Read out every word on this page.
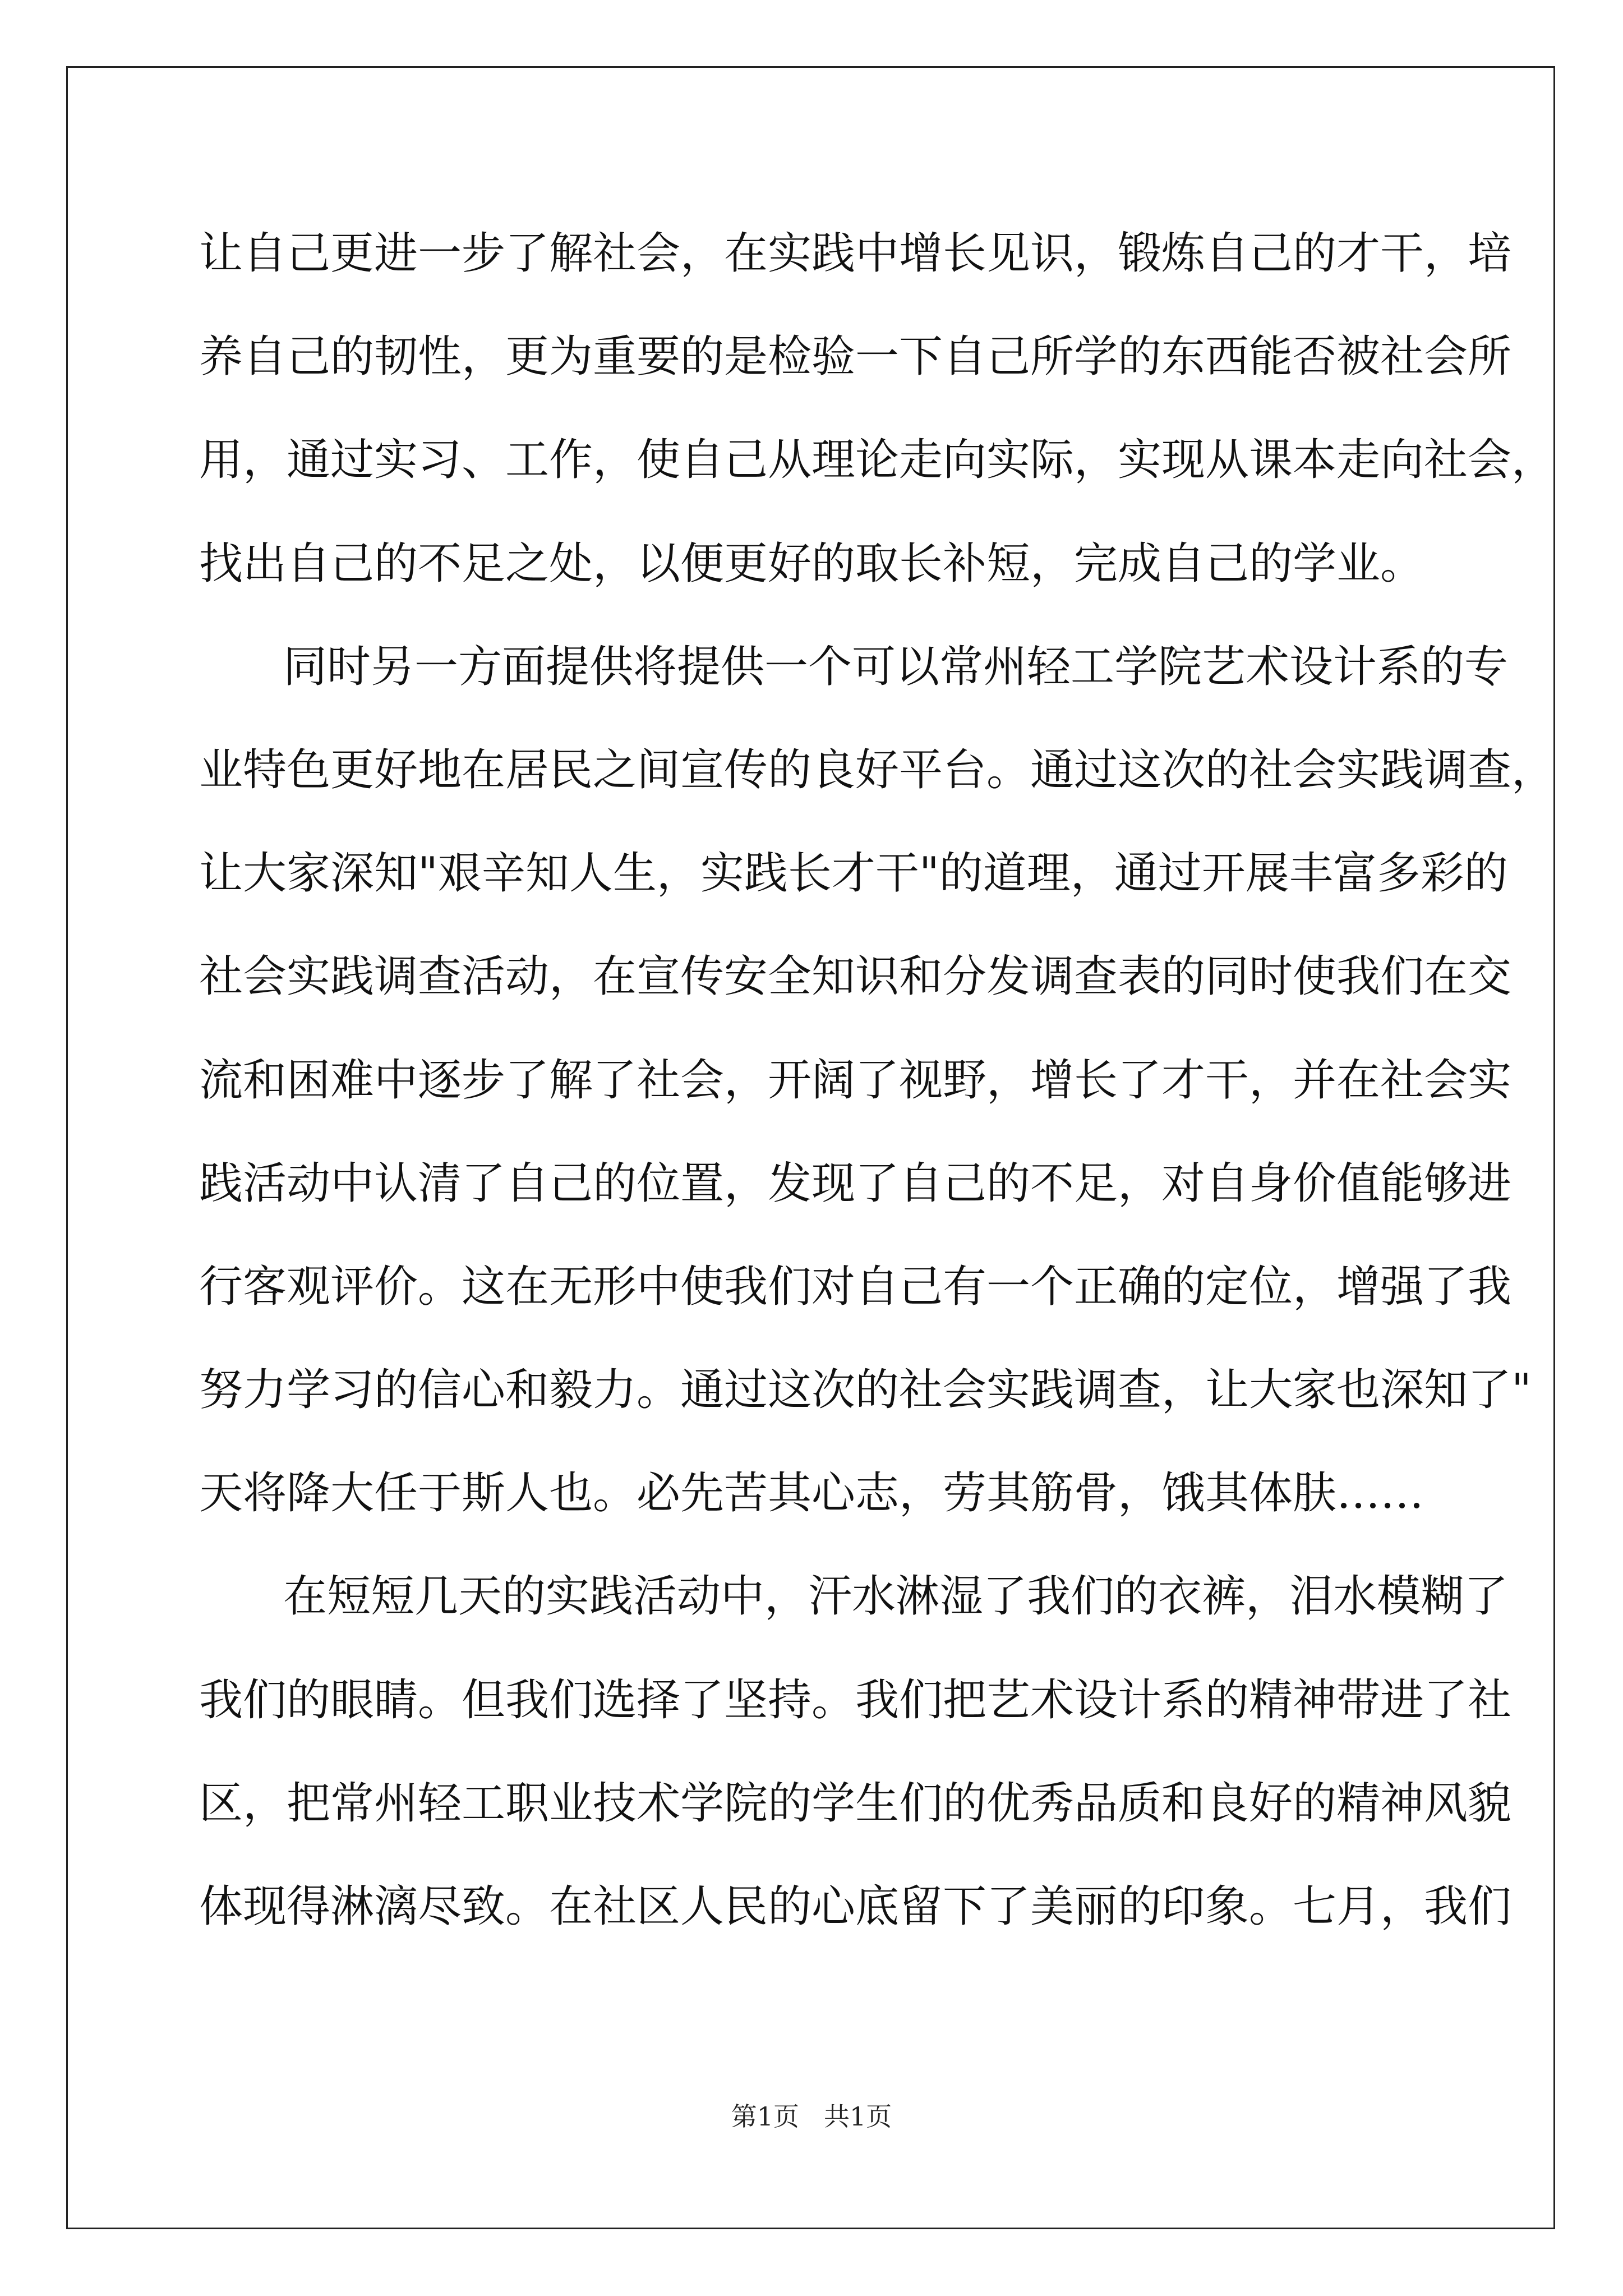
让自己更进一步了解社会，在实践中增长见识，锻炼自己的才干，培
养自己的韧性，更为重要的是检验一下自己所学的东西能否被社会所
用，通过实习、工作，使自己从理论走向实际，实现从课本走向社会，
找出自己的不足之处，以便更好的取长补短，完成自己的学业。
同时另一方面提供将提供一个可以常州轻工学院艺术设计系的专
业特色更好地在居民之间宣传的良好平台。通过这次的社会实践调查，
让大家深知"艰辛知人生，实践长才干"的道理，通过开展丰富多彩的
社会实践调查活动，在宣传安全知识和分发调查表的同时使我们在交
流和困难中逐步了解了社会，开阔了视野，增长了才干，并在社会实
践活动中认清了自己的位置，发现了自己的不足，对自身价值能够进
行客观评价。这在无形中使我们对自己有一个正确的定位，增强了我
努力学习的信心和毅力。通过这次的社会实践调查，让大家也深知了"
天将降大任于斯人也。必先苦其心志，劳其筋骨，饿其体肤……
在短短几天的实践活动中，汗水淋湿了我们的衣裤，泪水模糊了
我们的眼睛。但我们选择了坚持。我们把艺术设计系的精神带进了社
区，把常州轻工职业技术学院的学生们的优秀品质和良好的精神风貌
体现得淋漓尽致。在社区人民的心底留下了美丽的印象。七月，我们
第1页 共1页
